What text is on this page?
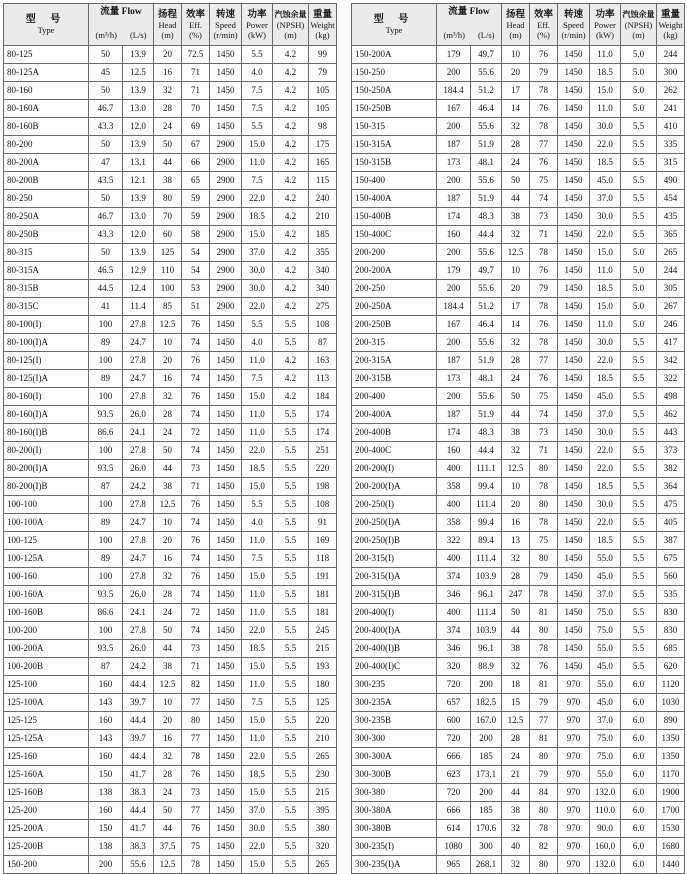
型 号
Type	流量 Flow
(m³/h) (L/s)		扬程
Head
(m)	效率
Eff.
(%)	转速
Speed
(r/min)	功率
Power
(kW)	汽蚀余量
(NPSH)
(m)	重量
Weight
(kg)

80-125	50	13.9	20	72.5	1450	5.5	4.2	99
80-125A	45	12.5	16	71	1450	4.0	4.2	79
80-160	50	13.9	32	71	1450	7.5	4.2	105
80-160A	46.7	13.0	28	70	1450	7.5	4.2	105
80-160B	43.3	12.0	24	69	1450	5.5	4.2	98
80-200	50	13.9	50	67	2900	15.0	4.2	175
80-200A	47	13.1	44	66	2900	11.0	4.2	165
80-200B	43.5	12.1	38	65	2900	7.5	4.2	115
80-250	50	13.9	80	59	2900	22.0	4.2	240
80-250A	46.7	13.0	70	59	2900	18.5	4.2	210
80-250B	43.3	12.0	60	58	2900	15.0	4.2	185
80-315	50	13.9	125	54	2900	37.0	4.2	355
80-315A	46.5	12.9	110	54	2900	30.0	4.2	340
80-315B	44.5	12.4	100	53	2900	30.0	4.2	340
80-315C	41	11.4	85	51	2900	22.0	4.2	275
80-100(I)	100	27.8	12.5	76	1450	5.5	5.5	108
80-100(I)A	89	24.7	10	74	1450	4.0	5.5	87
80-125(I)	100	27.8	20	76	1450	11.0	4.2	163
80-125(I)A	89	24.7	16	74	1450	7.5	4.2	113
80-160(I)	100	27.8	32	76	1450	15.0	4.2	184
80-160(I)A	93.5	26.0	28	74	1450	11.0	5.5	174
80-160(I)B	86.6	24.1	24	72	1450	11.0	5.5	174
80-200(I)	100	27.8	50	74	1450	22.0	5.5	251
80-200(I)A	93.5	26.0	44	73	1450	18.5	5.5	220
80-200(I)B	87	24.2	38	71	1450	15.0	5.5	198
100-100	100	27.8	12.5	76	1450	5.5	5.5	108
100-100A	89	24.7	10	74	1450	4.0	5.5	91
100-125	100	27.8	20	76	1450	11.0	5.5	169
100-125A	89	24.7	16	74	1450	7.5	5.5	118
100-160	100	27.8	32	76	1450	15.0	5.5	191
100-160A	93.5	26.0	28	74	1450	11.0	5.5	181
100-160B	86.6	24.1	24	72	1450	11.0	5.5	181
100-200	100	27.8	50	74	1450	22.0	5.5	245
100-200A	93.5	26.0	44	73	1450	18.5	5.5	215
100-200B	87	24.2	38	71	1450	15.0	5.5	193
125-100	160	44.4	12.5	82	1450	11.0	5.5	180
125-100A	143	39.7	10	77	1450	7.5	5.5	125
125-125	160	44.4	20	80	1450	15.0	5.5	220
125-125A	143	39.7	16	77	1450	11.0	5.5	210
125-160	160	44.4	32	78	1450	22.0	5.5	265
125-160A	150	41.7	28	76	1450	18.5	5.5	230
125-160B	138	38.3	24	73	1450	15.0	5.5	215
125-200	160	44.4	50	77	1450	37.0	5.5	395
125-200A	150	41.7	44	76	1450	30.0	5.5	380
125-200B	138	38.3	37.5	75	1450	22.0	5.5	320
150-200	200	55.6	12.5	78	1450	15.0	5.5	265
型 号
Type	流量 Flow
(m³/h) (L/s)		扬程
Head
(m)	效率
Eff.
(%)	转速
Speed
(r/min)	功率
Power
(kW)	汽蚀余量
(NPSH)
(m)	重量
Weight
(kg)

150-200A	179	49.7	10	76	1450	11.0	5.0	244
150-250	200	55.6	20	79	1450	18.5	5.0	300
150-250A	184.4	51.2	17	78	1450	15.0	5.0	262
150-250B	167	46.4	14	76	1450	11.0	5.0	241
150-315	200	55.6	32	78	1450	30.0	5.5	410
150-315A	187	51.9	28	77	1450	22.0	5.5	335
150-315B	173	48.1	24	76	1450	18.5	5.5	315
150-400	200	55.6	50	75	1450	45.0	5.5	490
150-400A	187	51.9	44	74	1450	37.0	5.5	454
150-400B	174	48.3	38	73	1450	30.0	5.5	435
150-400C	160	44.4	32	71	1450	22.0	5.5	365
200-200	200	55.6	12.5	78	1450	15.0	5.0	265
200-200A	179	49.7	10	76	1450	11.0	5.0	244
200-250	200	55.6	20	79	1450	18.5	5.0	305
200-250A	184.4	51.2	17	78	1450	15.0	5.0	267
200-250B	167	46.4	14	76	1450	11.0	5.0	246
200-315	200	55.6	32	78	1450	30.0	5.5	417
200-315A	187	51.9	28	77	1450	22.0	5.5	342
200-315B	173	48.1	24	76	1450	18.5	5.5	322
200-400	200	55.6	50	75	1450	45.0	5.5	498
200-400A	187	51.9	44	74	1450	37.0	5.5	462
200-400B	174	48.3	38	73	1450	30.0	5.5	443
200-400C	160	44.4	32	71	1450	22.0	5.5	373
200-200(I)	400	111.1	12.5	80	1450	22.0	5.5	382
200-200(I)A	358	99.4	10	78	1450	18.5	5.5	364
200-250(I)	400	111.4	20	80	1450	30.0	5.5	475
200-250(I)A	358	99.4	16	78	1450	22.0	5.5	405
200-250(I)B	322	89.4	13	75	1450	18.5	5.5	387
200-315(I)	400	111.4	32	80	1450	55.0	5.5	675
200-315(I)A	374	103.9	28	79	1450	45.0	5.5	560
200-315(I)B	346	96.1	247	78	1450	37.0	5.5	535
200-400(I)	400	111.4	50	81	1450	75.0	5.5	830
200-400(I)A	374	103.9	44	80	1450	75.0	5.5	830
200-400(I)B	346	96.1	38	78	1450	55.0	5.5	685
200-400(I)C	320	88.9	32	76	1450	45.0	5.5	620
300-235	720	200	18	81	970	55.0	6.0	1120
300-235A	657	182.5	15	79	970	45.0	6.0	1030
300-235B	600	167.0	12.5	77	970	37.0	6.0	890
300-300	720	200	28	81	970	75.0	6.0	1350
300-300A	666	185	24	80	970	75.0	6.0	1350
300-300B	623	173.1	21	79	970	55.0	6.0	1170
300-380	720	200	44	84	970	132.0	6.0	1900
300-380A	666	185	38	80	970	110.0	6.0	1700
300-380B	614	170.6	32	78	970	90.0	6.0	1530
300-235(I)	1080	300	40	82	970	160.0	6.0	1680
300-235(I)A	965	268.1	32	80	970	132.0	6.0	1440
